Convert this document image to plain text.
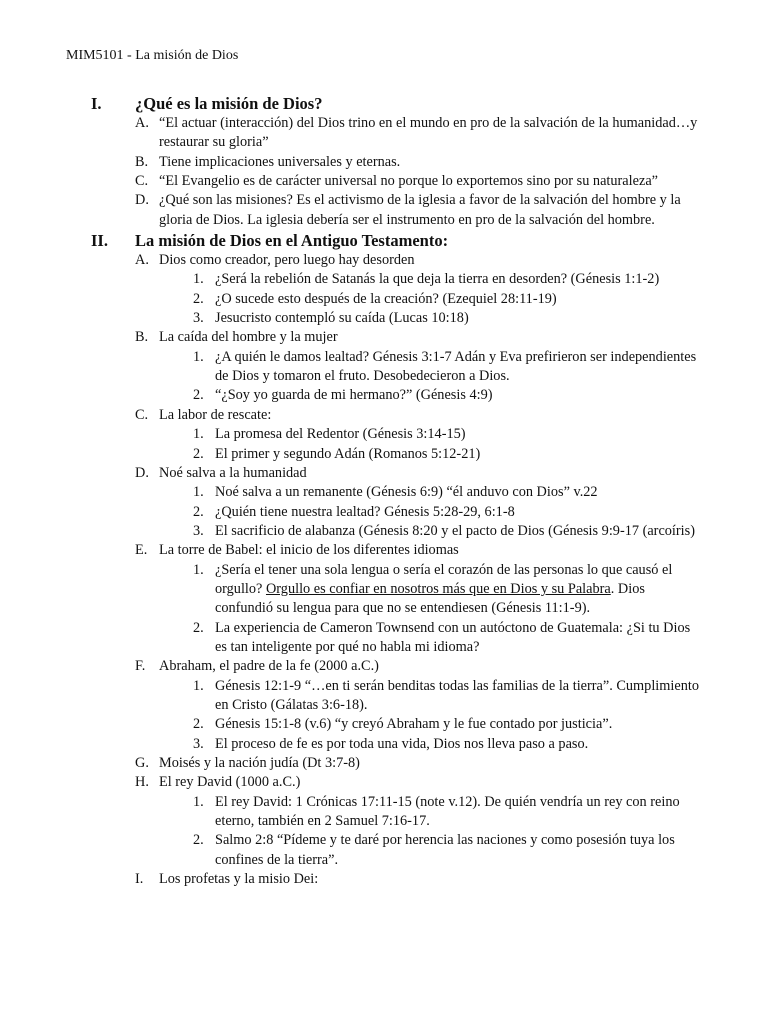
MIM5101 - La misión de Dios
I. ¿Qué es la misión de Dios?
A. “El actuar (interacción) del Dios trino en el mundo en pro de la salvación de la humanidad…y restaurar su gloria”
B. Tiene implicaciones universales y eternas.
C. “El Evangelio es de carácter universal no porque lo exportemos sino por su naturaleza”
D. ¿Qué son las misiones? Es el activismo de la iglesia a favor de la salvación del hombre y la gloria de Dios. La iglesia debería ser el instrumento en pro de la salvación del hombre.
II. La misión de Dios en el Antiguo Testamento:
A. Dios como creador, pero luego hay desorden
1. ¿Será la rebelión de Satanás la que deja la tierra en desorden? (Génesis 1:1-2)
2. ¿O sucede esto después de la creación? (Ezequiel 28:11-19)
3. Jesucristo contempló su caída (Lucas 10:18)
B. La caída del hombre y la mujer
1. ¿A quién le damos lealtad? Génesis 3:1-7 Adán y Eva prefirieron ser independientes de Dios y tomaron el fruto. Desobedecieron a Dios.
2. “¿Soy yo guarda de mi hermano?” (Génesis 4:9)
C. La labor de rescate:
1. La promesa del Redentor (Génesis 3:14-15)
2. El primer y segundo Adán (Romanos 5:12-21)
D. Noé salva a la humanidad
1. Noé salva a un remanente (Génesis 6:9) “él anduvo con Dios” v.22
2. ¿Quién tiene nuestra lealtad? Génesis 5:28-29, 6:1-8
3. El sacrificio de alabanza (Génesis 8:20 y el pacto de Dios (Génesis 9:9-17 (arcoíris)
E. La torre de Babel: el inicio de los diferentes idiomas
1. ¿Sería el tener una sola lengua o sería el corazón de las personas lo que causó el orgullo? Orgullo es confiar en nosotros más que en Dios y su Palabra. Dios confundió su lengua para que no se entendiesen (Génesis 11:1-9).
2. La experiencia de Cameron Townsend con un autóctono de Guatemala: ¿Si tu Dios es tan inteligente por qué no habla mi idioma?
F. Abraham, el padre de la fe (2000 a.C.)
1. Génesis 12:1-9 “…en ti serán benditas todas las familias de la tierra”. Cumplimiento en Cristo (Gálatas 3:6-18).
2. Génesis 15:1-8 (v.6) “y creyó Abraham y le fue contado por justicia”.
3. El proceso de fe es por toda una vida, Dios nos lleva paso a paso.
G. Moisés y la nación judía (Dt 3:7-8)
H. El rey David (1000 a.C.)
1. El rey David: 1 Crónicas 17:11-15 (note v.12). De quién vendría un rey con reino eterno, también en 2 Samuel 7:16-17.
2. Salmo 2:8 “Pídeme y te daré por herencia las naciones y como posesión tuya los confines de la tierra”.
I. Los profetas y la misio Dei:
